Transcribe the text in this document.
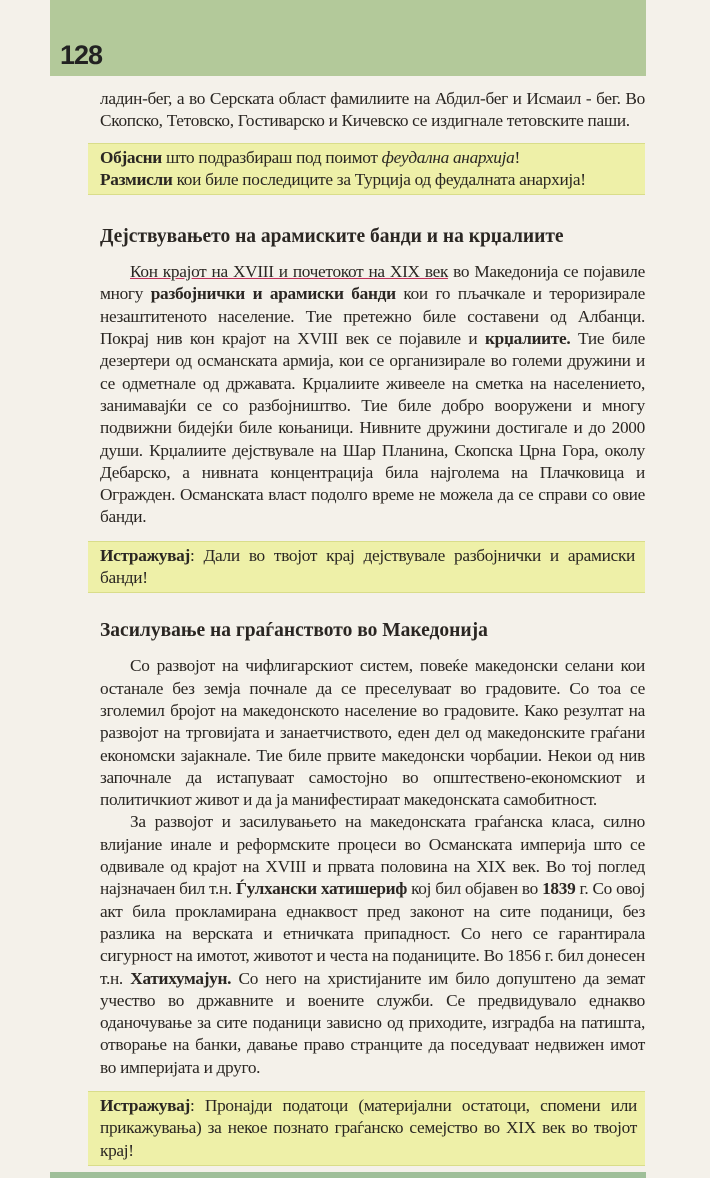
128

ладин-бег, а во Серската област фамилиите на Абдил-бег и Исмаил - бег. Во Скопско, Тетовско, Гостиварско и Кичевско се издигнале тетовските паши.

Објасни што подразбираш под поимот феудална анархија!
Размисли кои биле последиците за Турција од феудалната анархија!
Дејствувањето на арамиските банди и на крџалиите

Кон крајот на XVIII и почетокот на XIX век во Македонија се појавиле многу разбојнички и арамиски банди кои го пљачкале и тероризирале незаштитеното население. Тие претежно биле составени од Албанци. Покрај нив кон крајот на XVIII век се појавиле и крџалиите. Тие биле дезертери од османската армија, кои се организирале во големи дружини и се одметнале од државата. Крџалиите живееле на сметка на населението, занимавајќи се со разбојништво. Тие биле добро вооружени и многу подвижни бидејќи биле коњаници. Нивните дружини достигале и до 2000 души. Крџалиите дејствувале на Шар Планина, Скопска Црна Гора, околу Дебарско, а нивната концентрација била најголема на Плачковица и Огражден. Османската власт подолго време не можела да се справи со овие банди.

Истражувај: Дали во твојот крај дејствувале разбојнички и арамиски банди!
Засилување на граѓанството во Македонија

Со развојот на чифлигарскиот систем, повеќе македонски селани кои останале без земја почнале да се преселуваат во градовите. Со тоа се зголемил бројот на македонското население во градовите. Како резултат на развојот на трговијата и занаетчиството, еден дел од македонските граѓани економски зајакнале. Тие биле првите македонски чорбаџии. Некои од нив започнале да истапуваат самостојно во општествено-економскиот и политичкиот живот и да ја манифестираат македонската самобитност.

За развојот и засилувањето на македонската граѓанска класа, силно влијание инале и реформските процеси во Османската империја што се одвивале од крајот на XVIII и првата половина на XIX век. Во тој поглед најзначаен бил т.н. Ѓулхански хатишериф кој бил објавен во 1839 г. Со овој акт била прокламирана еднаквост пред законот на сите поданици, без разлика на верската и етничката припадност. Со него се гарантирала сигурност на имотот, животот и честа на поданиците. Во 1856 г. бил донесен т.н. Хатихумајун. Со него на христијаните им било допуштено да земат учество во државните и воените служби. Се предвидувало еднакво оданочување за сите поданици зависно од приходите, изградба на патишта, отворање на банки, давање право странците да поседуваат недвижен имот во империјата и друго.

Истражувај: Пронајди податоци (материјални остатоци, спомени или прикажувања) за некое познато граѓанско семејство во XIX век во твојот крај!
